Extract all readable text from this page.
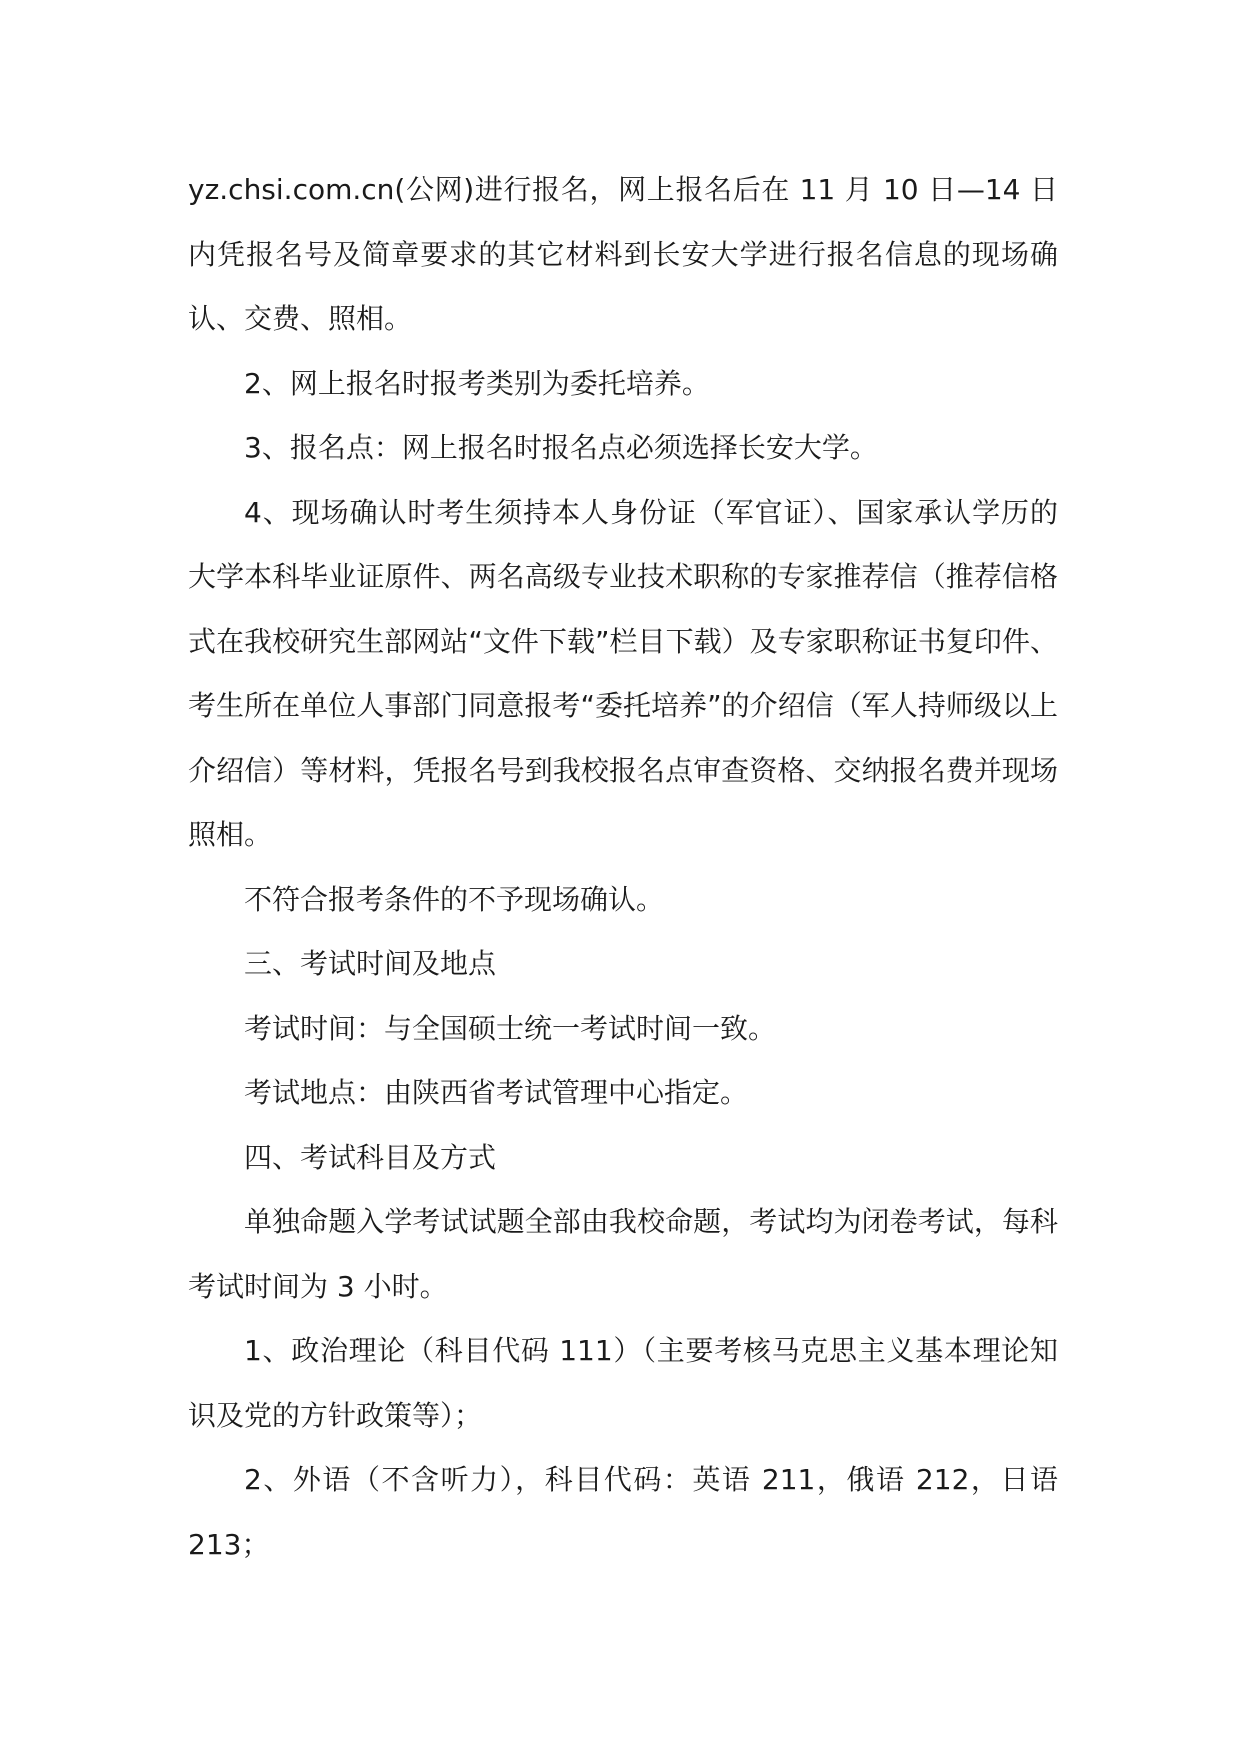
yz.chsi.com.cn(公网)进行报名，网上报名后在 11 月 10 日—14 日内凭报名号及简章要求的其它材料到长安大学进行报名信息的现场确认、交费、照相。

2、网上报名时报考类别为委托培养。

3、报名点：网上报名时报名点必须选择长安大学。

4、现场确认时考生须持本人身份证（军官证）、国家承认学历的大学本科毕业证原件、两名高级专业技术职称的专家推荐信（推荐信格式在我校研究生部网站“文件下载”栏目下载）及专家职称证书复印件、考生所在单位人事部门同意报考“委托培养”的介绍信（军人持师级以上介绍信）等材料，凭报名号到我校报名点审查资格、交纳报名费并现场照相。

不符合报考条件的不予现场确认。

三、考试时间及地点

考试时间：与全国硕士统一考试时间一致。

考试地点：由陕西省考试管理中心指定。

四、考试科目及方式

单独命题入学考试试题全部由我校命题，考试均为闭卷考试，每科考试时间为 3 小时。

1、政治理论（科目代码 111）（主要考核马克思主义基本理论知识及党的方针政策等）；

2、外语（不含听力），科目代码：英语 211，俄语 212，日语 213；
